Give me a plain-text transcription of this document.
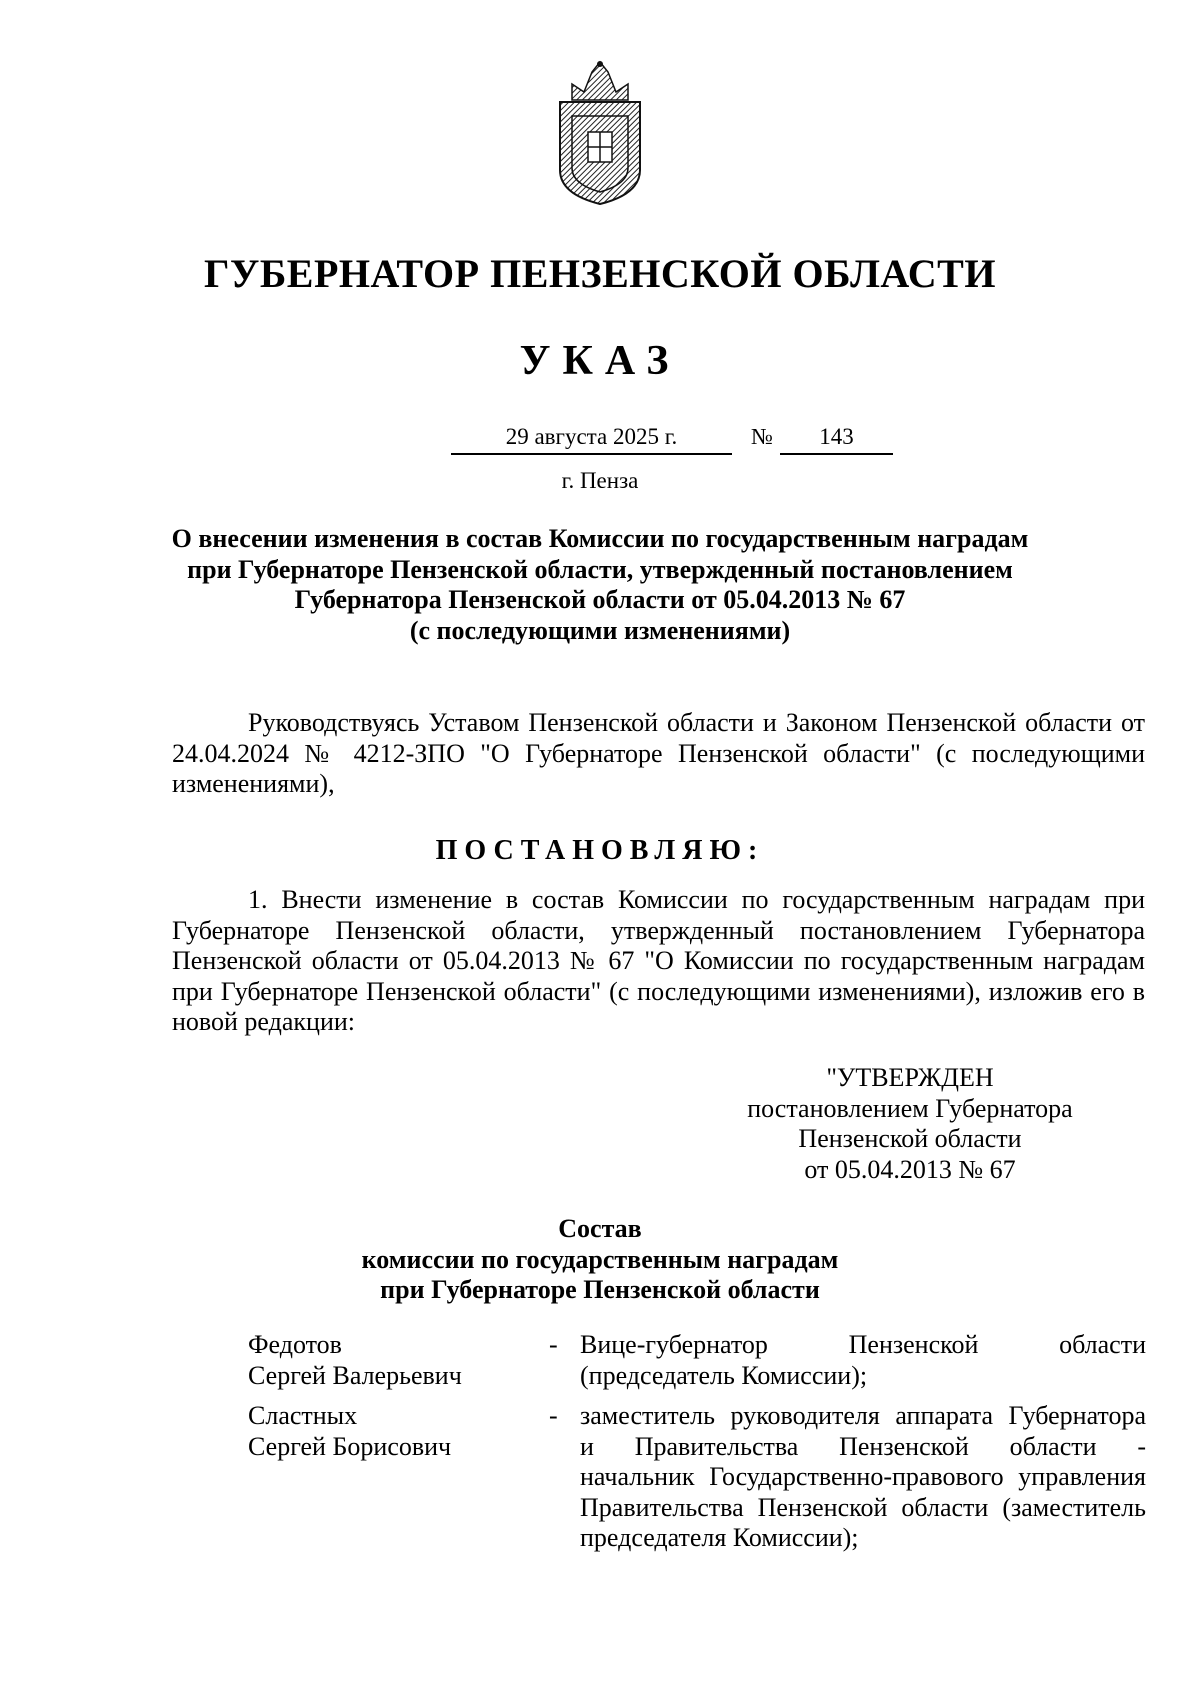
ГУБЕРНАТОР ПЕНЗЕНСКОЙ ОБЛАСТИ
УКАЗ
29 августа 2025 г.	№	143
г. Пенза
О внесении изменения в состав Комиссии по государственным наградам
при Губернаторе Пензенской области, утвержденный постановлением
Губернатора Пензенской области от 05.04.2013 № 67
(с последующими изменениями)
Руководствуясь Уставом Пензенской области и Законом Пензенской области от 24.04.2024 № 4212-ЗПО "О Губернаторе Пензенской области" (с последующими изменениями),
ПОСТАНОВЛЯЮ:
1. Внести изменение в состав Комиссии по государственным наградам при Губернаторе Пензенской области, утвержденный постановлением Губернатора Пензенской области от 05.04.2013 № 67 "О Комиссии по государственным наградам при Губернаторе Пензенской области" (с последующими изменениями), изложив его в новой редакции:
"УТВЕРЖДЕН
постановлением Губернатора
Пензенской области
от 05.04.2013 № 67
Состав
комиссии по государственным наградам
при Губернаторе Пензенской области
Федотов
Сергей Валерьевич
- Вице-губернатор Пензенской области
(председатель Комиссии);
Сластных
Сергей Борисович
- заместитель руководителя аппарата Губернатора
и Правительства Пензенской области -
начальник Государственно-правового управления
Правительства Пензенской области (заместитель
председателя Комиссии);
